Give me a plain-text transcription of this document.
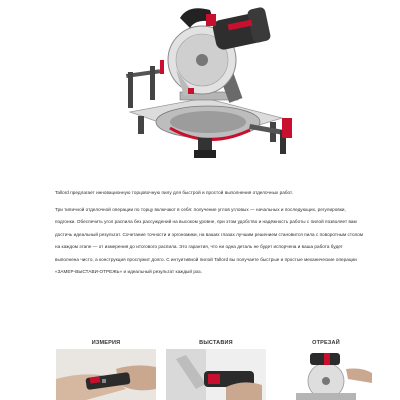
Tallord предлагает инновационную торцовочную пилу для быстрой и простой выполнения отделочных работ.

Три типичной отделочной операции по торцу включают в себя: получение углов угловых — начальных и последующих, регулировки, подгонки. Обеспечить угол распила без рассуждений на высоком уровне, при этом удобство и надёжность работы с пилой позволяет вам достичь идеальный результат. Сочетание точности и эргономики, на ваших глазах лучшим решением становится пила с поворотным столом на каждом этапе — от измерения до итогового распила. Это гарантия, что ни одна деталь не будет испорчена и ваша работа будет выполнена чисто, а конструкция прослужит долго. С интуитивной пилой Tallord вы получаете быстрые и простые механические операции «ЗАМЕР-ВЫСТАВИ-ОТРЕЖЬ» и идеальный результат каждый раз.

ИЗМЕРИЯ	ВЫСТАВИЯ	ОТРЕЗАЙ
